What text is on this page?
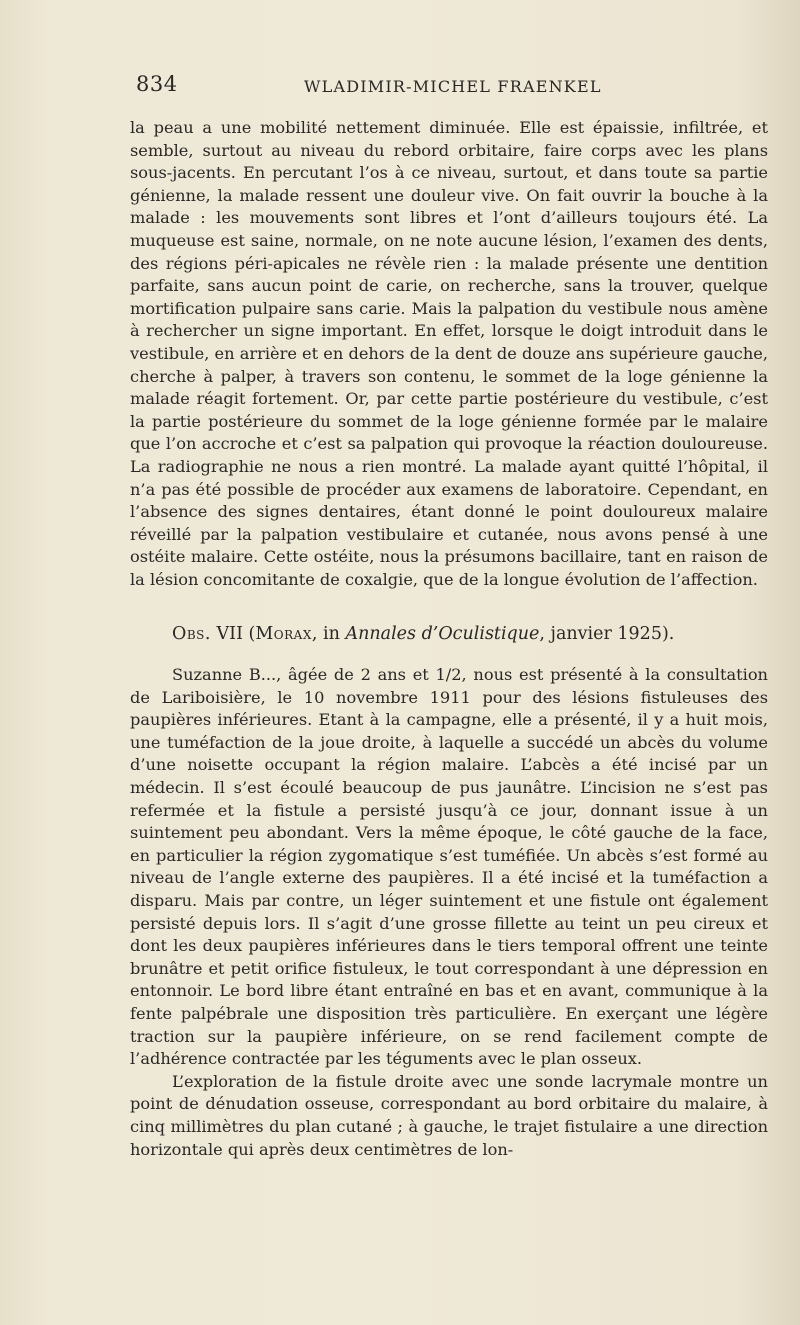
834	WLADIMIR-MICHEL FRAENKEL

la peau a une mobilité nettement diminuée. Elle est épaissie, infiltrée, et semble, surtout au niveau du rebord orbitaire, faire corps avec les plans sous-jacents. En percutant l’os à ce niveau, surtout, et dans toute sa partie génienne, la malade ressent une douleur vive. On fait ouvrir la bouche à la malade : les mouvements sont libres et l’ont d’ailleurs toujours été. La muqueuse est saine, normale, on ne note aucune lésion, l’examen des dents, des régions péri-apicales ne révèle rien : la malade présente une dentition parfaite, sans aucun point de carie, on recherche, sans la trouver, quelque mortification pulpaire sans carie. Mais la palpation du vestibule nous amène à rechercher un signe important. En effet, lorsque le doigt introduit dans le vestibule, en arrière et en dehors de la dent de douze ans supérieure gauche, cherche à palper, à travers son contenu, le sommet de la loge génienne la malade réagit fortement. Or, par cette partie postérieure du vestibule, c’est la partie postérieure du sommet de la loge génienne formée par le malaire que l’on accroche et c’est sa palpation qui provoque la réaction douloureuse. La radiographie ne nous a rien montré. La malade ayant quitté l’hôpital, il n’a pas été possible de procéder aux examens de laboratoire. Cependant, en l’absence des signes dentaires, étant donné le point douloureux malaire réveillé par la palpation vestibulaire et cutanée, nous avons pensé à une ostéite malaire. Cette ostéite, nous la présumons bacillaire, tant en raison de la lésion concomitante de coxalgie, que de la longue évolution de l’affection.

Obs. VII (Morax, in Annales d’Oculistique, janvier 1925).

Suzanne B..., âgée de 2 ans et 1/2, nous est présenté à la consultation de Lariboisière, le 10 novembre 1911 pour des lésions fistuleuses des paupières inférieures. Etant à la campagne, elle a présenté, il y a huit mois, une tuméfaction de la joue droite, à laquelle a succédé un abcès du volume d’une noisette occupant la région malaire. L’abcès a été incisé par un médecin. Il s’est écoulé beaucoup de pus jaunâtre. L’incision ne s’est pas refermée et la fistule a persisté jusqu’à ce jour, donnant issue à un suintement peu abondant. Vers la même époque, le côté gauche de la face, en particulier la région zygomatique s’est tuméfiée. Un abcès s’est formé au niveau de l’angle externe des paupières. Il a été incisé et la tuméfaction a disparu. Mais par contre, un léger suintement et une fistule ont également persisté depuis lors. Il s’agit d’une grosse fillette au teint un peu cireux et dont les deux paupières inférieures dans le tiers temporal offrent une teinte brunâtre et petit orifice fistuleux, le tout correspondant à une dépression en entonnoir. Le bord libre étant entraîné en bas et en avant, communique à la fente palpébrale une disposition très particulière. En exerçant une légère traction sur la paupière inférieure, on se rend facilement compte de l’adhérence contractée par les téguments avec le plan osseux.

L’exploration de la fistule droite avec une sonde lacrymale montre un point de dénudation osseuse, correspondant au bord orbitaire du malaire, à cinq millimètres du plan cutané ; à gauche, le trajet fistulaire a une direction horizontale qui après deux centimètres de lon-
